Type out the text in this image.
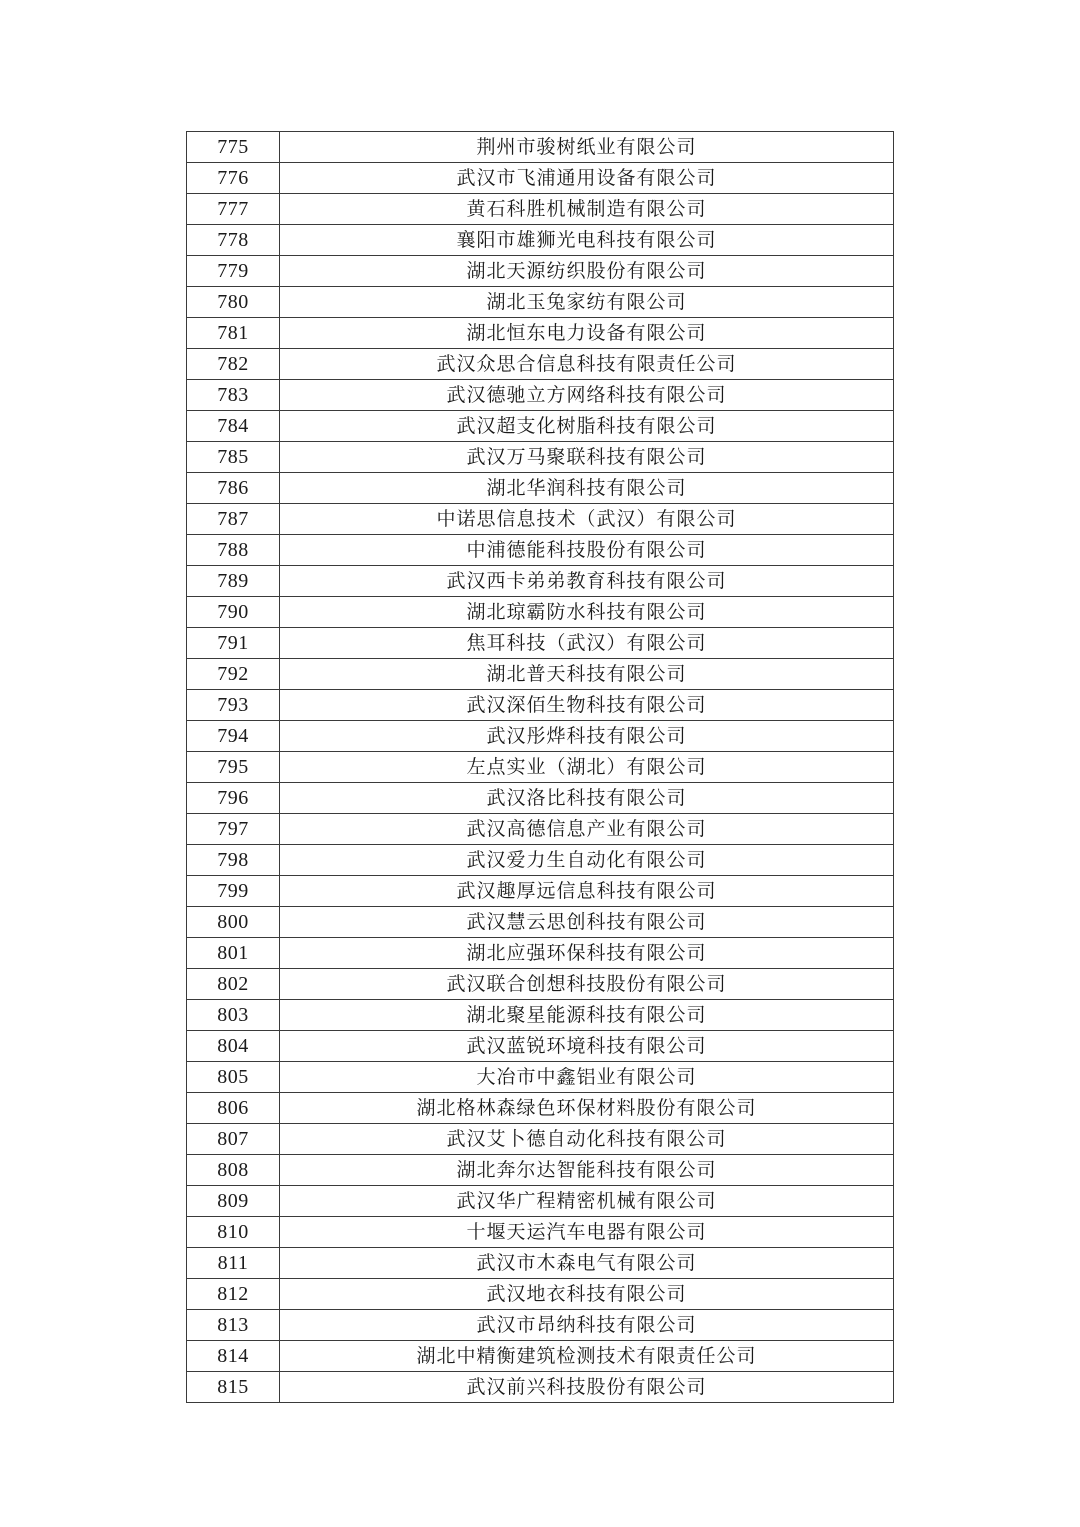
775	荆州市骏树纸业有限公司
776	武汉市飞浦通用设备有限公司
777	黄石科胜机械制造有限公司
778	襄阳市雄狮光电科技有限公司
779	湖北天源纺织股份有限公司
780	湖北玉兔家纺有限公司
781	湖北恒东电力设备有限公司
782	武汉众思合信息科技有限责任公司
783	武汉德驰立方网络科技有限公司
784	武汉超支化树脂科技有限公司
785	武汉万马聚联科技有限公司
786	湖北华润科技有限公司
787	中诺思信息技术（武汉）有限公司
788	中浦德能科技股份有限公司
789	武汉西卡弟弟教育科技有限公司
790	湖北琼霸防水科技有限公司
791	焦耳科技（武汉）有限公司
792	湖北普天科技有限公司
793	武汉深佰生物科技有限公司
794	武汉彤烨科技有限公司
795	左点实业（湖北）有限公司
796	武汉洛比科技有限公司
797	武汉高德信息产业有限公司
798	武汉爱力生自动化有限公司
799	武汉趣厚远信息科技有限公司
800	武汉慧云思创科技有限公司
801	湖北应强环保科技有限公司
802	武汉联合创想科技股份有限公司
803	湖北聚星能源科技有限公司
804	武汉蓝锐环境科技有限公司
805	大冶市中鑫铝业有限公司
806	湖北格林森绿色环保材料股份有限公司
807	武汉艾卜德自动化科技有限公司
808	湖北奔尔达智能科技有限公司
809	武汉华广程精密机械有限公司
810	十堰天运汽车电器有限公司
811	武汉市木森电气有限公司
812	武汉地衣科技有限公司
813	武汉市昂纳科技有限公司
814	湖北中精衡建筑检测技术有限责任公司
815	武汉前兴科技股份有限公司
